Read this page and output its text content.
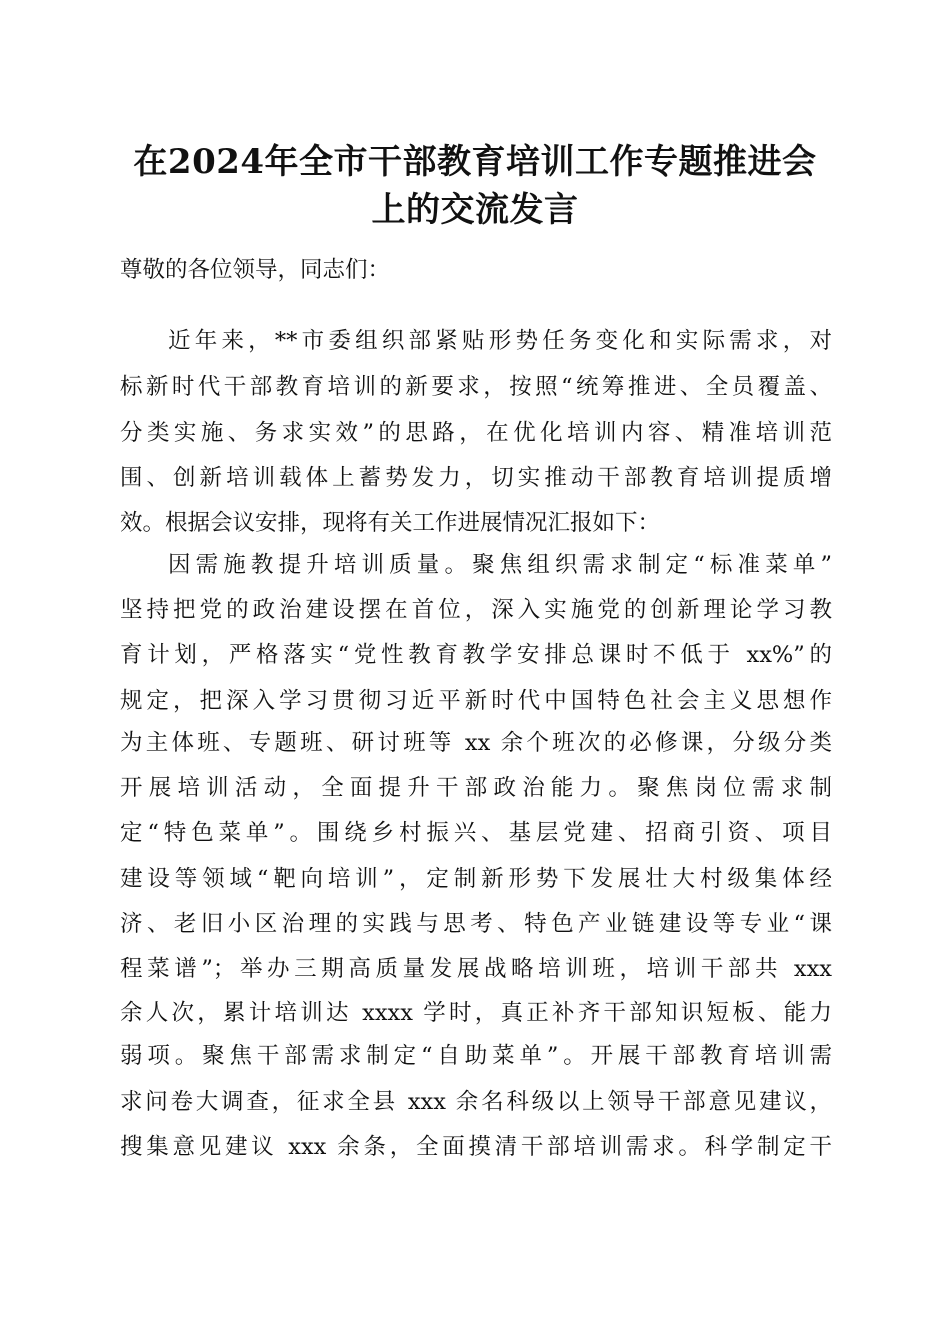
在2024年全市干部教育培训工作专题推进会
上的交流发言
尊敬的各位领导，同志们：
近年来，**市委组织部紧贴形势任务变化和实际需求，对
标新时代干部教育培训的新要求，按照“统筹推进、全员覆盖、
分类实施、务求实效”的思路，在优化培训内容、精准培训范
围、创新培训载体上蓄势发力，切实推动干部教育培训提质增
效。根据会议安排，现将有关工作进展情况汇报如下：
因需施教提升培训质量。聚焦组织需求制定“标准菜单”
坚持把党的政治建设摆在首位，深入实施党的创新理论学习教
育计划，严格落实“党性教育教学安排总课时不低于 xx%”的
规定，把深入学习贯彻习近平新时代中国特色社会主义思想作
为主体班、专题班、研讨班等 xx 余个班次的必修课，分级分类
开展培训活动，全面提升干部政治能力。聚焦岗位需求制
定“特色菜单”。围绕乡村振兴、基层党建、招商引资、项目
建设等领域“靶向培训”，定制新形势下发展壮大村级集体经
济、老旧小区治理的实践与思考、特色产业链建设等专业“课
程菜谱”；举办三期高质量发展战略培训班，培训干部共 xxx
余人次，累计培训达 xxxx 学时，真正补齐干部知识短板、能力
弱项。聚焦干部需求制定“自助菜单”。开展干部教育培训需
求问卷大调查，征求全县 xxx 余名科级以上领导干部意见建议，
搜集意见建议 xxx 余条，全面摸清干部培训需求。科学制定干
